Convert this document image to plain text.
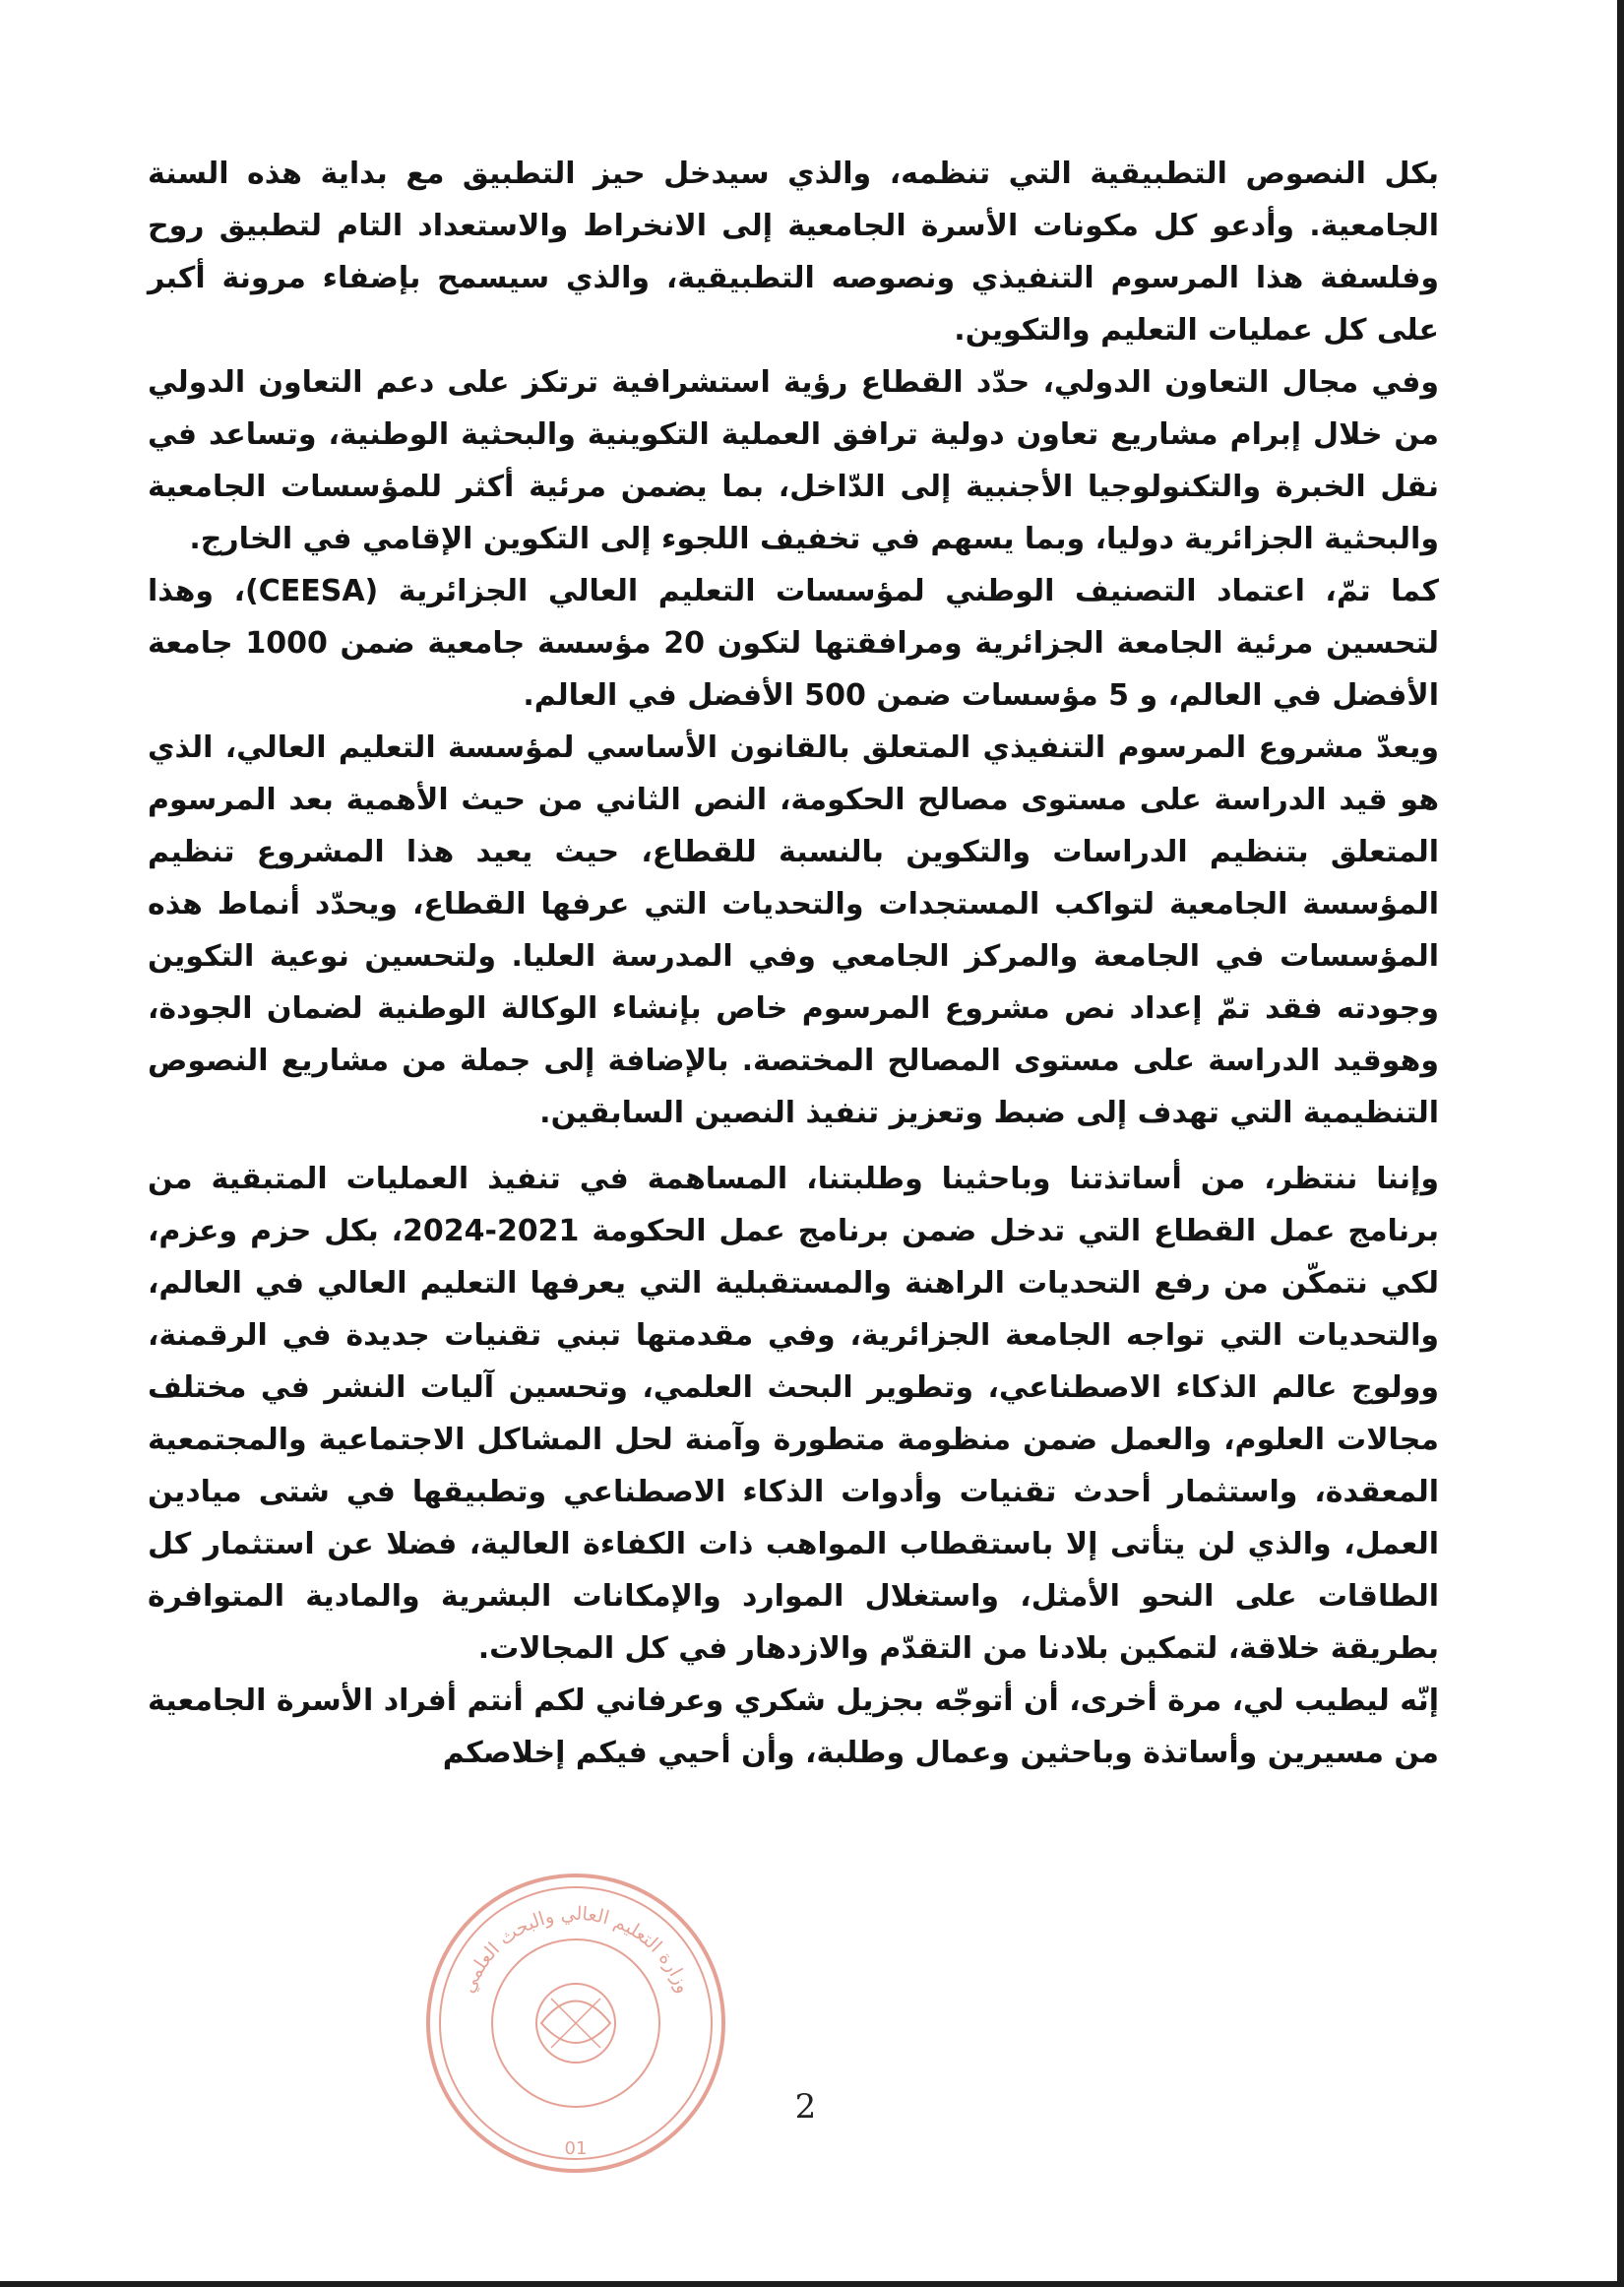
بكل النصوص التطبيقية التي تنظمه، والذي سيدخل حيز التطبيق مع بداية هذه السنة الجامعية. وأدعو كل مكونات الأسرة الجامعية إلى الانخراط والاستعداد التام لتطبيق روح وفلسفة هذا المرسوم التنفيذي ونصوصه التطبيقية، والذي سيسمح بإضفاء مرونة أكبر على كل عمليات التعليم والتكوين.

وفي مجال التعاون الدولي، حدّد القطاع رؤية استشرافية ترتكز على دعم التعاون الدولي من خلال إبرام مشاريع تعاون دولية ترافق العملية التكوينية والبحثية الوطنية، وتساعد في نقل الخبرة والتكنولوجيا الأجنبية إلى الدّاخل، بما يضمن مرئية أكثر للمؤسسات الجامعية والبحثية الجزائرية دوليا، وبما يسهم في تخفيف اللجوء إلى التكوين الإقامي في الخارج.

كما تمّ، اعتماد التصنيف الوطني لمؤسسات التعليم العالي الجزائرية (CEESA)، وهذا لتحسين مرئية الجامعة الجزائرية ومرافقتها لتكون 20 مؤسسة جامعية ضمن 1000 جامعة الأفضل في العالم، و 5 مؤسسات ضمن 500 الأفضل في العالم.

ويعدّ مشروع المرسوم التنفيذي المتعلق بالقانون الأساسي لمؤسسة التعليم العالي، الذي هو قيد الدراسة على مستوى مصالح الحكومة، النص الثاني من حيث الأهمية بعد المرسوم المتعلق بتنظيم الدراسات والتكوين بالنسبة للقطاع، حيث يعيد هذا المشروع تنظيم المؤسسة الجامعية لتواكب المستجدات والتحديات التي عرفها القطاع، ويحدّد أنماط هذه المؤسسات في الجامعة والمركز الجامعي وفي المدرسة العليا. ولتحسين نوعية التكوين وجودته فقد تمّ إعداد نص مشروع المرسوم خاص بإنشاء الوكالة الوطنية لضمان الجودة، وهوقيد الدراسة على مستوى المصالح المختصة. بالإضافة إلى جملة من مشاريع النصوص التنظيمية التي تهدف إلى ضبط وتعزيز تنفيذ النصين السابقين.

وإننا ننتظر، من أساتذتنا وباحثينا وطلبتنا، المساهمة في تنفيذ العمليات المتبقية من برنامج عمل القطاع التي تدخل ضمن برنامج عمل الحكومة 2021-2024، بكل حزم وعزم، لكي نتمكّن من رفع التحديات الراهنة والمستقبلية التي يعرفها التعليم العالي في العالم، والتحديات التي تواجه الجامعة الجزائرية، وفي مقدمتها تبني تقنيات جديدة في الرقمنة، وولوج عالم الذكاء الاصطناعي، وتطوير البحث العلمي، وتحسين آليات النشر في مختلف مجالات العلوم، والعمل ضمن منظومة متطورة وآمنة لحل المشاكل الاجتماعية والمجتمعية المعقدة، واستثمار أحدث تقنيات وأدوات الذكاء الاصطناعي وتطبيقها في شتى ميادين العمل، والذي لن يتأتى إلا باستقطاب المواهب ذات الكفاءة العالية، فضلا عن استثمار كل الطاقات على النحو الأمثل، واستغلال الموارد والإمكانات البشرية والمادية المتوافرة بطريقة خلاقة، لتمكين بلادنا من التقدّم والازدهار في كل المجالات.

إنّه ليطيب لي، مرة أخرى، أن أتوجّه بجزيل شكري وعرفاني لكم أنتم أفراد الأسرة الجامعية من مسيرين وأساتذة وباحثين وعمال وطلبة، وأن أحيي فيكم إخلاصكم

وزارة التعليم العالي والبحث العلمي
01
2
